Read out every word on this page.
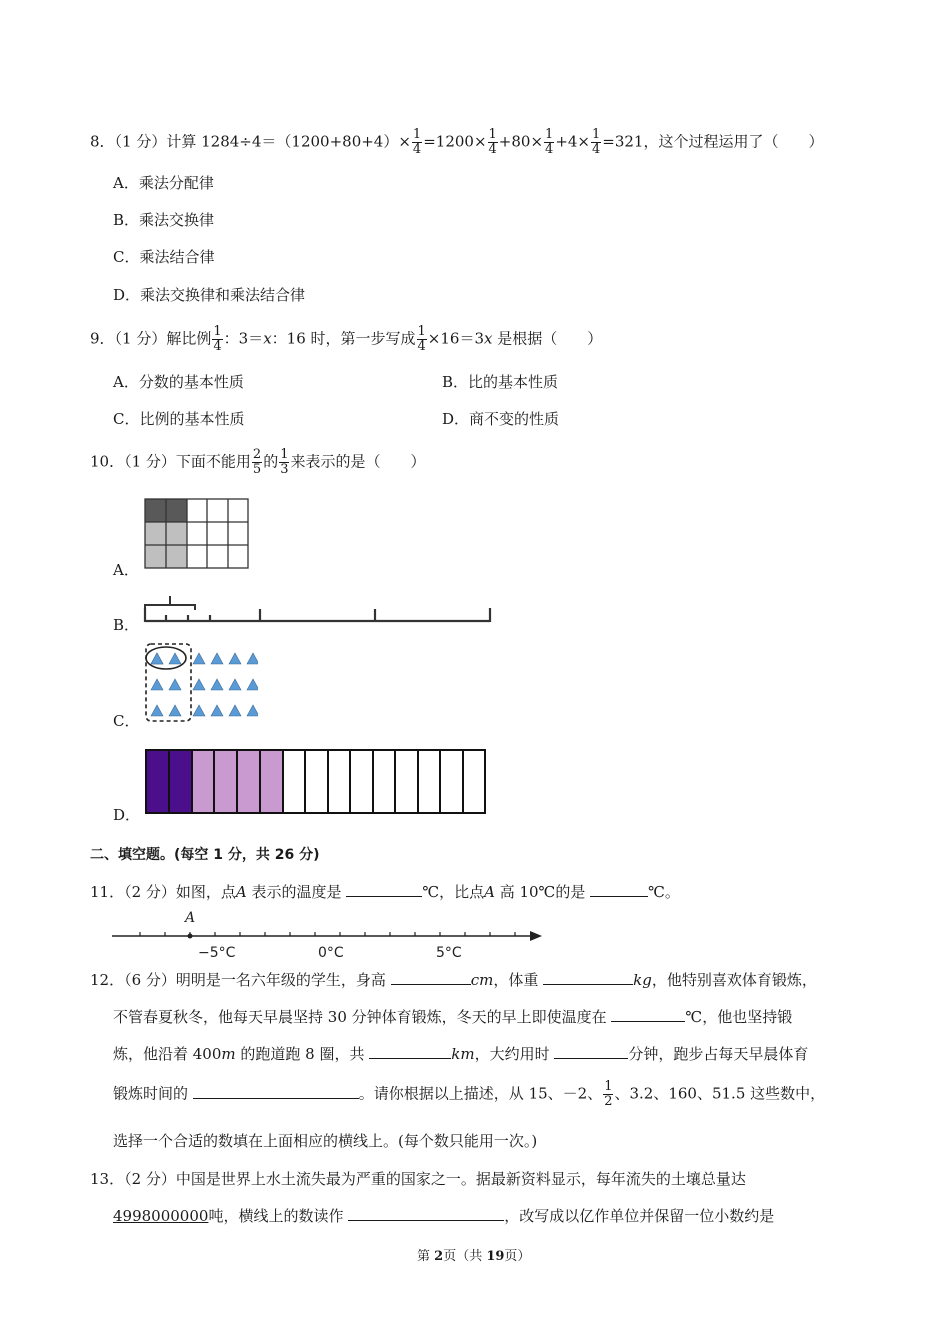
8．（1 分）计算 $1284\div 4=(1200+80+4)\times \frac{1}{4} =1200\times \frac{1}{4} +80\times \frac{1}{4} +4\times \frac{1}{4} =321$，这个过程运用了（　　）
A．乘法分配律
B．乘法交换律
C．乘法结合律
D．乘法交换律和乘法结合律
9．（1 分）解比例 $\frac{1}{4}$ ：3＝x：16 时，第一步写成 $\frac{1}{4} \times 16=3x$ 是根据（　　）
A．分数的基本性质	B．比的基本性质
C．比例的基本性质	D．商不变的性质
10．（1 分）下面不能用 $\frac{2}{5}$ 的 $\frac{1}{3}$ 来表示的是（　　）
A．
B．
C．
D．
二、填空题。(每空 1 分，共 26 分)
11．（2 分）如图，点A 表示的温度是	℃，比点A 高 10℃的是	℃。
A
−5°C	0°C	5°C
12．（6 分）明明是一名六年级的学生，身高	cm，体重	kg，他特别喜欢体育锻炼，
不管春夏秋冬，他每天早晨坚持 30 分钟体育锻炼，冬天的早上即使温度在	℃，他也坚持锻
炼，他沿着 400m 的跑道跑 8 圈，共	km，大约用时	分钟，跑步占每天早晨体育
锻炼时间的	。请你根据以上描述，从 15、－2、 $\frac{1}{2}$ 、3.2、160、51.5 这些数中，
选择一个合适的数填在上面相应的横线上。(每个数只能用一次。)
13．（2 分）中国是世界上水土流失最为严重的国家之一。据最新资料显示，每年流失的土壤总量达
4998000000吨，横线上的数读作	，改写成以亿作单位并保留一位小数约是
第 2页（共 19页）
